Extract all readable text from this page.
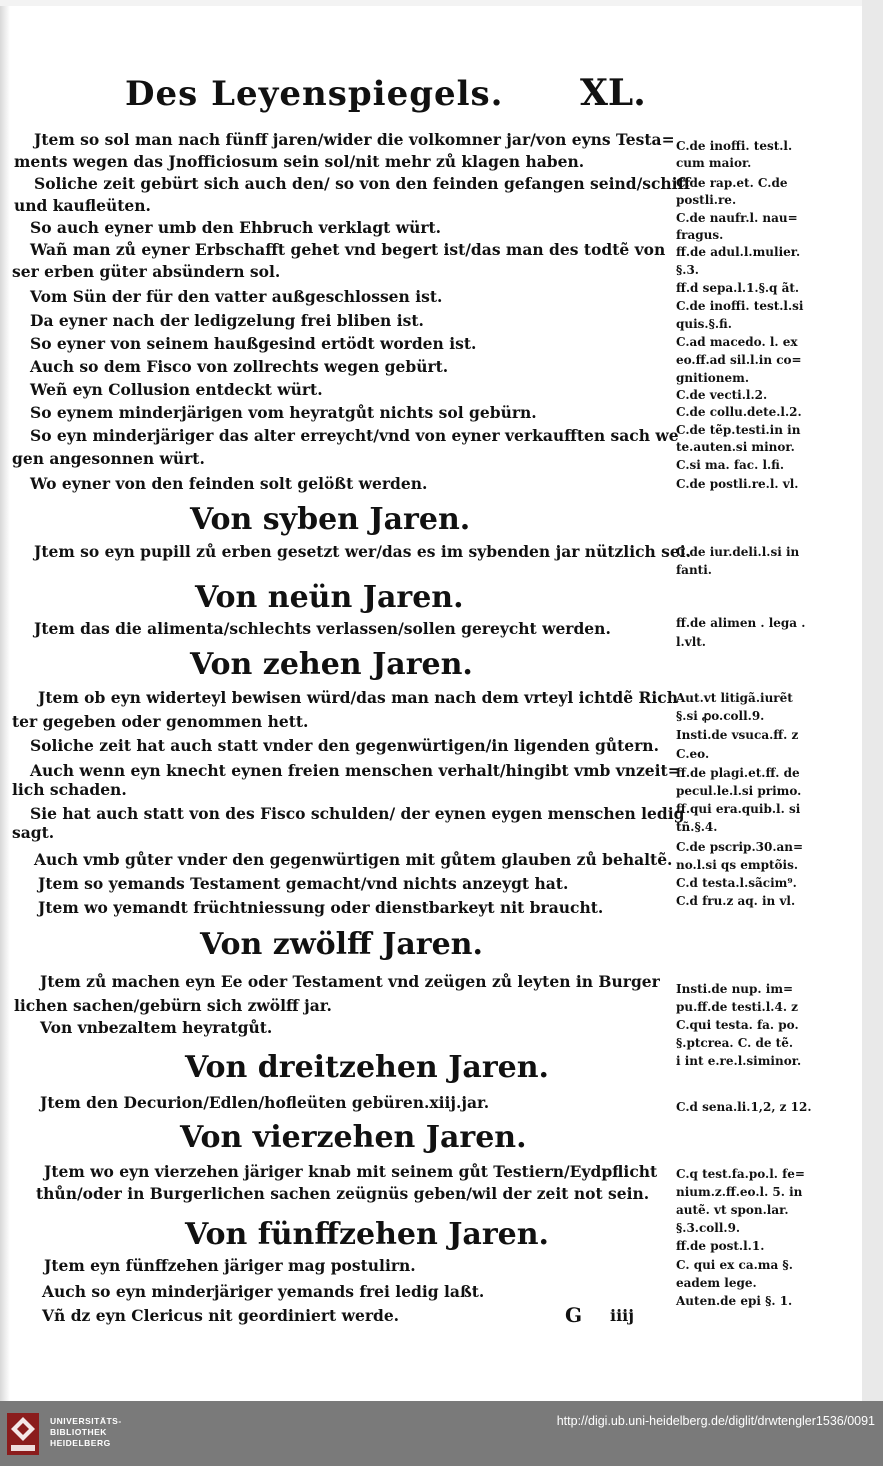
Des Leyenspiegels. XL.
Jtem so sol man nach fünff jaren/wider die volkomner jar/von eyns Testa=
ments wegen das Jnofficiosum sein sol/nit mehr zů klagen haben.
Soliche zeit gebürt sich auch den/ so von den feinden gefangen seind/schiff
und kaufleüten.
So auch eyner umb den Ehbruch verklagt würt.
Wañ man zů eyner Erbschafft gehet vnd begert ist/das man des todtẽ von
ser erben güter absündern sol.
Vom Sün der für den vatter außgeschlossen ist.
Da eyner nach der ledigzelung frei bliben ist.
So eyner von seinem haußgesind ertödt worden ist.
Auch so dem Fisco von zollrechts wegen gebürt.
Weñ eyn Collusion entdeckt würt.
So eynem minderjärigen vom heyratgůt nichts sol gebürn.
So eyn minderjäriger das alter erreycht/vnd von eyner verkaufften sach we
gen angesonnen würt.
Wo eyner von den feinden solt gelößt werden.
Von syben Jaren.
Jtem so eyn pupill zů erben gesetzt wer/das es im sybenden jar nützlich sei.
Von neün Jaren.
Jtem das die alimenta/schlechts verlassen/sollen gereycht werden.
Von zehen Jaren.
Jtem ob eyn widerteyl bewisen würd/das man nach dem vrteyl ichtdẽ Rich
ter gegeben oder genommen hett.
Soliche zeit hat auch statt vnder den gegenwürtigen/in ligenden gůtern.
Auch wenn eyn knecht eynen freien menschen verhalt/hingibt vmb vnzeit=
lich schaden.
Sie hat auch statt von des Fisco schulden/ der eynen eygen menschen ledig
sagt.
Auch vmb gůter vnder den gegenwürtigen mit gůtem glauben zů behaltẽ.
Jtem so yemands Testament gemacht/vnd nichts anzeygt hat.
Jtem wo yemandt früchtniessung oder dienstbarkeyt nit braucht.
Von zwölff Jaren.
Jtem zů machen eyn Ee oder Testament vnd zeügen zů leyten in Burger
lichen sachen/gebürn sich zwölff jar.
Von vnbezaltem heyratgůt.
Von dreitzehen Jaren.
Jtem den Decurion/Edlen/hofleüten gebüren.xiij.jar.
Von vierzehen Jaren.
Jtem wo eyn vierzehen järiger knab mit seinem gůt Testiern/Eydpflicht
thůn/oder in Burgerlichen sachen zeügnüs geben/wil der zeit not sein.
Von fünffzehen Jaren.
Jtem eyn fünffzehen järiger mag postulirn.
Auch so eyn minderjäriger yemands frei ledig laßt.
Vñ dz eyn Clericus nit geordiniert werde.	G iiij
C.de inoffi. test.l.
cum maior.
C.de rap.et. C.de
postli.re.
C.de naufr.l. nau=
fragus.
ff.de adul.l.mulier.
§.3.
ff.d sepa.l.1.§.q ãt.
C.de inoffi. test.l.si
quis.§.fi.
C.ad macedo. l. ex
eo.ff.ad sil.l.in co=
gnitionem.
C.de vecti.l.2.
C.de collu.dete.l.2.
C.de tẽp.testi.in in
te.auten.si minor.
C.si ma. fac. l.fi.
C.de postli.re.l. vl.
C.de iur.deli.l.si in
fanti.
ff.de alimen . lega .
l.vlt.
Aut.vt litigã.iurẽt
§.si ꝓo.coll.9.
Insti.de vsuca.ff. z
C.eo.
ff.de plagi.et.ff. de
pecul.le.l.si primo.
ff.qui era.quib.l. si
tñ.§.4.
C.de pscrip.30.an=
no.l.si qs emptõis.
C.d testa.l.sãcim⁹.
C.d fru.z aq. in vl.
Insti.de nup. im=
pu.ff.de testi.l.4. z
C.qui testa. fa. po.
§.ptcrea. C. de tẽ.
i int e.re.l.siminor.
C.d sena.li.1,2, z 12.
C.q test.fa.po.l. fe=
nium.z.ff.eo.l. 5. in
autẽ. vt spon.lar.
§.3.coll.9.
ff.de post.l.1.
C. qui ex ca.ma §.
eadem lege.
Auten.de epi §. 1.
UNIVERSITÄTS-
BIBLIOTHEK
HEIDELBERG
http://digi.ub.uni-heidelberg.de/diglit/drwtengler1536/0091
